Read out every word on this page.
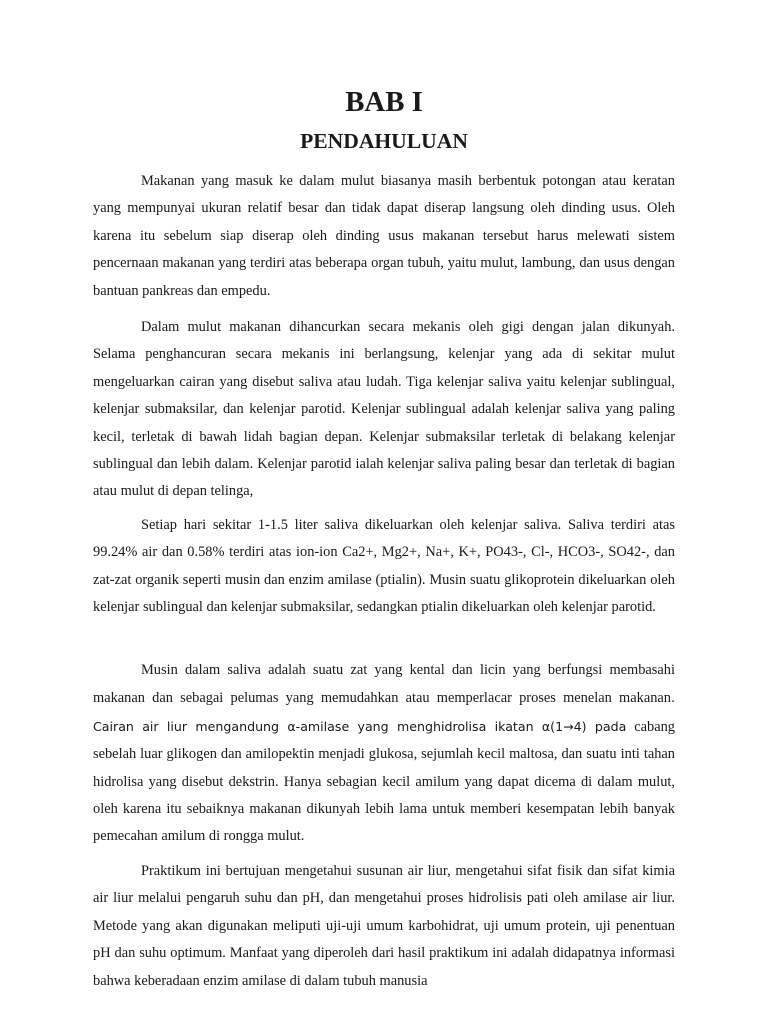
BAB I
PENDAHULUAN

Makanan yang masuk ke dalam mulut biasanya masih berbentuk potongan atau keratan yang mempunyai ukuran relatif besar dan tidak dapat diserap langsung oleh dinding usus. Oleh karena itu sebelum siap diserap oleh dinding usus makanan tersebut harus melewati sistem pencernaan makanan yang terdiri atas beberapa organ tubuh, yaitu mulut, lambung, dan usus dengan bantuan pankreas dan empedu.

Dalam mulut makanan dihancurkan secara mekanis oleh gigi dengan jalan dikunyah. Selama penghancuran secara mekanis ini berlangsung, kelenjar yang ada di sekitar mulut mengeluarkan cairan yang disebut saliva atau ludah. Tiga kelenjar saliva yaitu kelenjar sublingual, kelenjar submaksilar, dan kelenjar parotid. Kelenjar sublingual adalah kelenjar saliva yang paling kecil, terletak di bawah lidah bagian depan. Kelenjar submaksilar terletak di belakang kelenjar sublingual dan lebih dalam. Kelenjar parotid ialah kelenjar saliva paling besar dan terletak di bagian atau mulut di depan telinga,

Setiap hari sekitar 1-1.5 liter saliva dikeluarkan oleh kelenjar saliva. Saliva terdiri atas 99.24% air dan 0.58% terdiri atas ion-ion Ca2+, Mg2+, Na+, K+, PO43-, Cl-, HCO3-, SO42-, dan zat-zat organik seperti musin dan enzim amilase (ptialin). Musin suatu glikoprotein dikeluarkan oleh kelenjar sublingual dan kelenjar submaksilar, sedangkan ptialin dikeluarkan oleh kelenjar parotid.

Musin dalam saliva adalah suatu zat yang kental dan licin yang berfungsi membasahi makanan dan sebagai pelumas yang memudahkan atau memperlacar proses menelan makanan. Cairan air liur mengandung α-amilase yang menghidrolisa ikatan α(1→4) pada cabang sebelah luar glikogen dan amilopektin menjadi glukosa, sejumlah kecil maltosa, dan suatu inti tahan hidrolisa yang disebut dekstrin. Hanya sebagian kecil amilum yang dapat dicema di dalam mulut, oleh karena itu sebaiknya makanan dikunyah lebih lama untuk memberi kesempatan lebih banyak pemecahan amilum di rongga mulut.

Praktikum ini bertujuan mengetahui susunan air liur, mengetahui sifat fisik dan sifat kimia air liur melalui pengaruh suhu dan pH, dan mengetahui proses hidrolisis pati oleh amilase air liur. Metode yang akan digunakan meliputi uji-uji umum karbohidrat, uji umum protein, uji penentuan pH dan suhu optimum. Manfaat yang diperoleh dari hasil praktikum ini adalah didapatnya informasi bahwa keberadaan enzim amilase di dalam tubuh manusia
